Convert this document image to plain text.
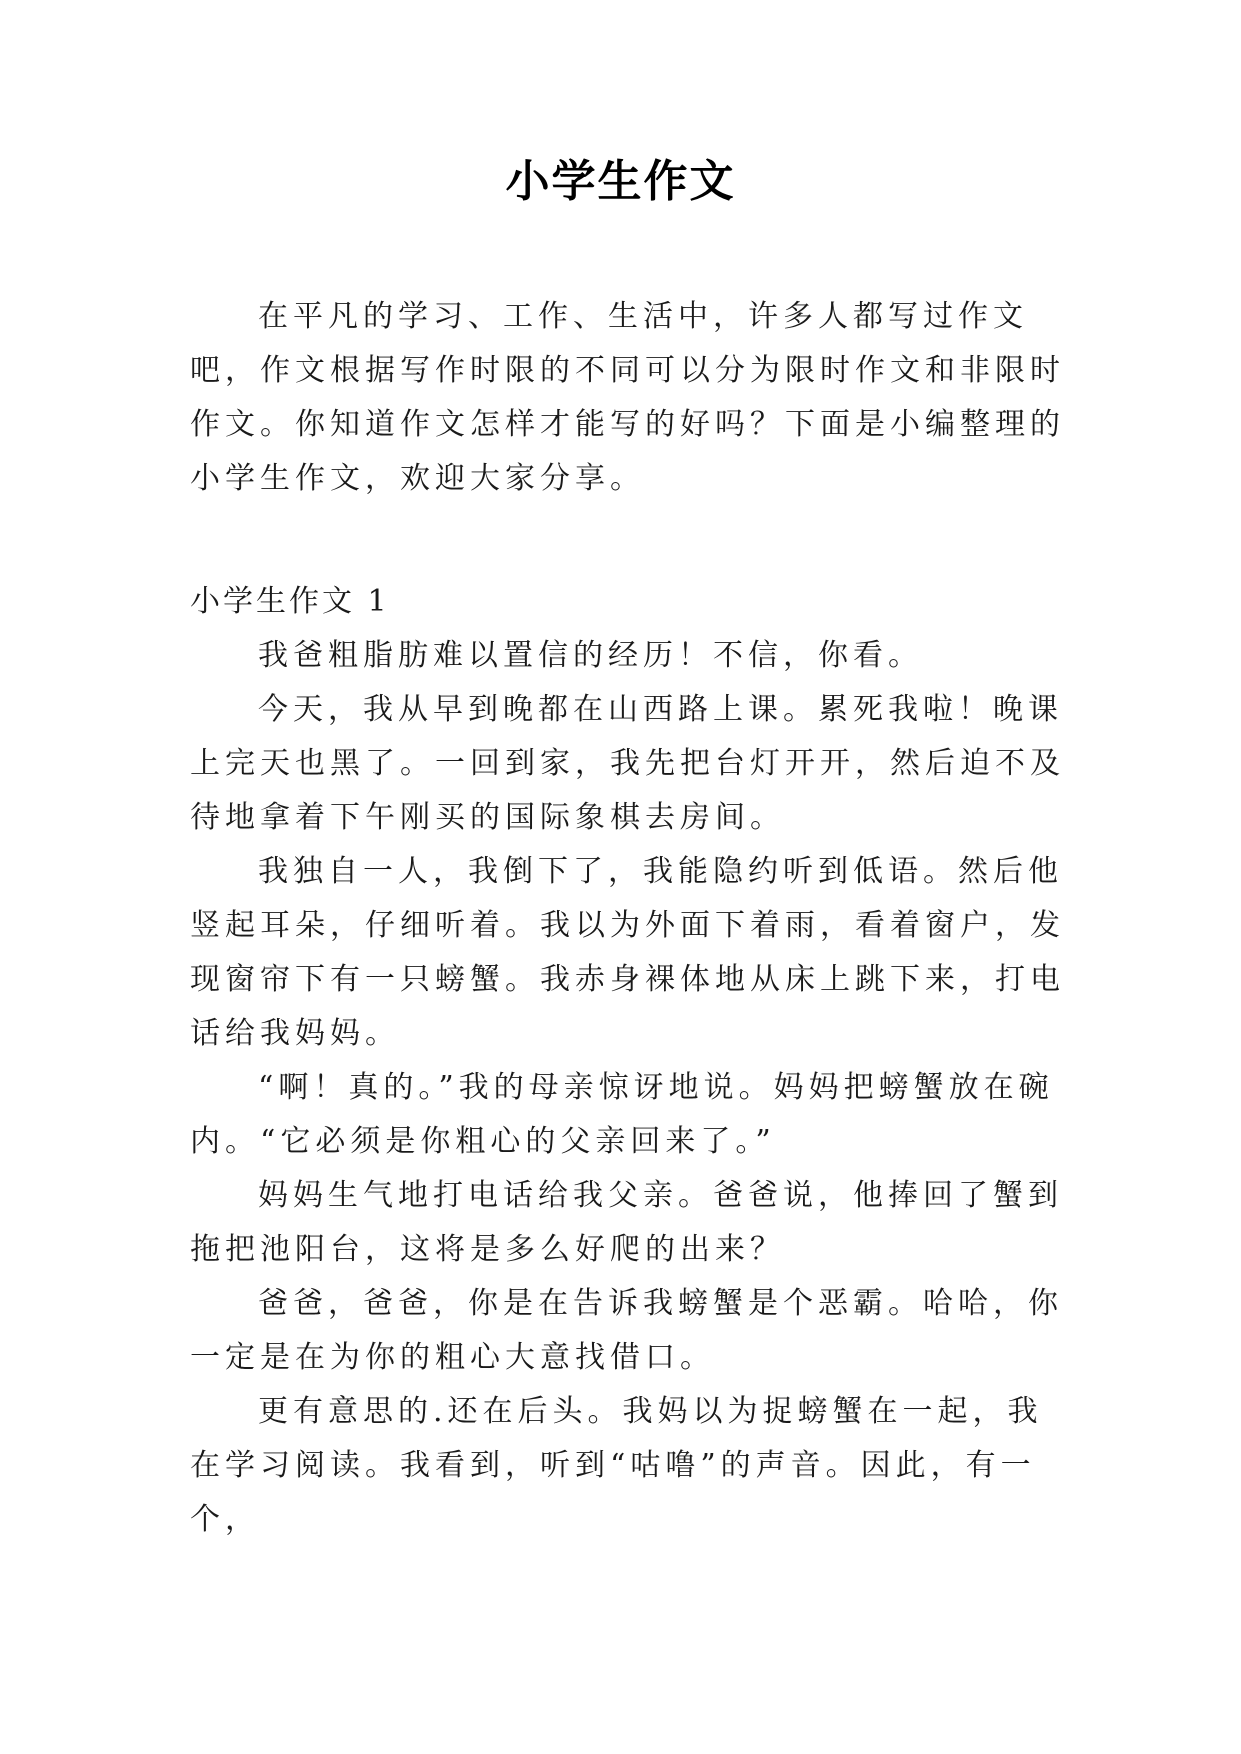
小学生作文

在平凡的学习、工作、生活中，许多人都写过作文吧，作文根据写作时限的不同可以分为限时作文和非限时作文。你知道作文怎样才能写的好吗？下面是小编整理的小学生作文，欢迎大家分享。

小学生作文 1

我爸粗脂肪难以置信的经历！不信，你看。

今天，我从早到晚都在山西路上课。累死我啦！晚课上完天也黑了。一回到家，我先把台灯开开，然后迫不及待地拿着下午刚买的国际象棋去房间。

我独自一人，我倒下了，我能隐约听到低语。然后他竖起耳朵，仔细听着。我以为外面下着雨，看着窗户，发现窗帘下有一只螃蟹。我赤身裸体地从床上跳下来，打电话给我妈妈。

“啊！真的。”我的母亲惊讶地说。妈妈把螃蟹放在碗内。“它必须是你粗心的父亲回来了。”

妈妈生气地打电话给我父亲。爸爸说，他捧回了蟹到拖把池阳台，这将是多么好爬的出来？

爸爸，爸爸，你是在告诉我螃蟹是个恶霸。哈哈，你一定是在为你的粗心大意找借口。

更有意思的.还在后头。我妈以为捉螃蟹在一起，我在学习阅读。我看到，听到“咕噜”的声音。因此，有一个，
